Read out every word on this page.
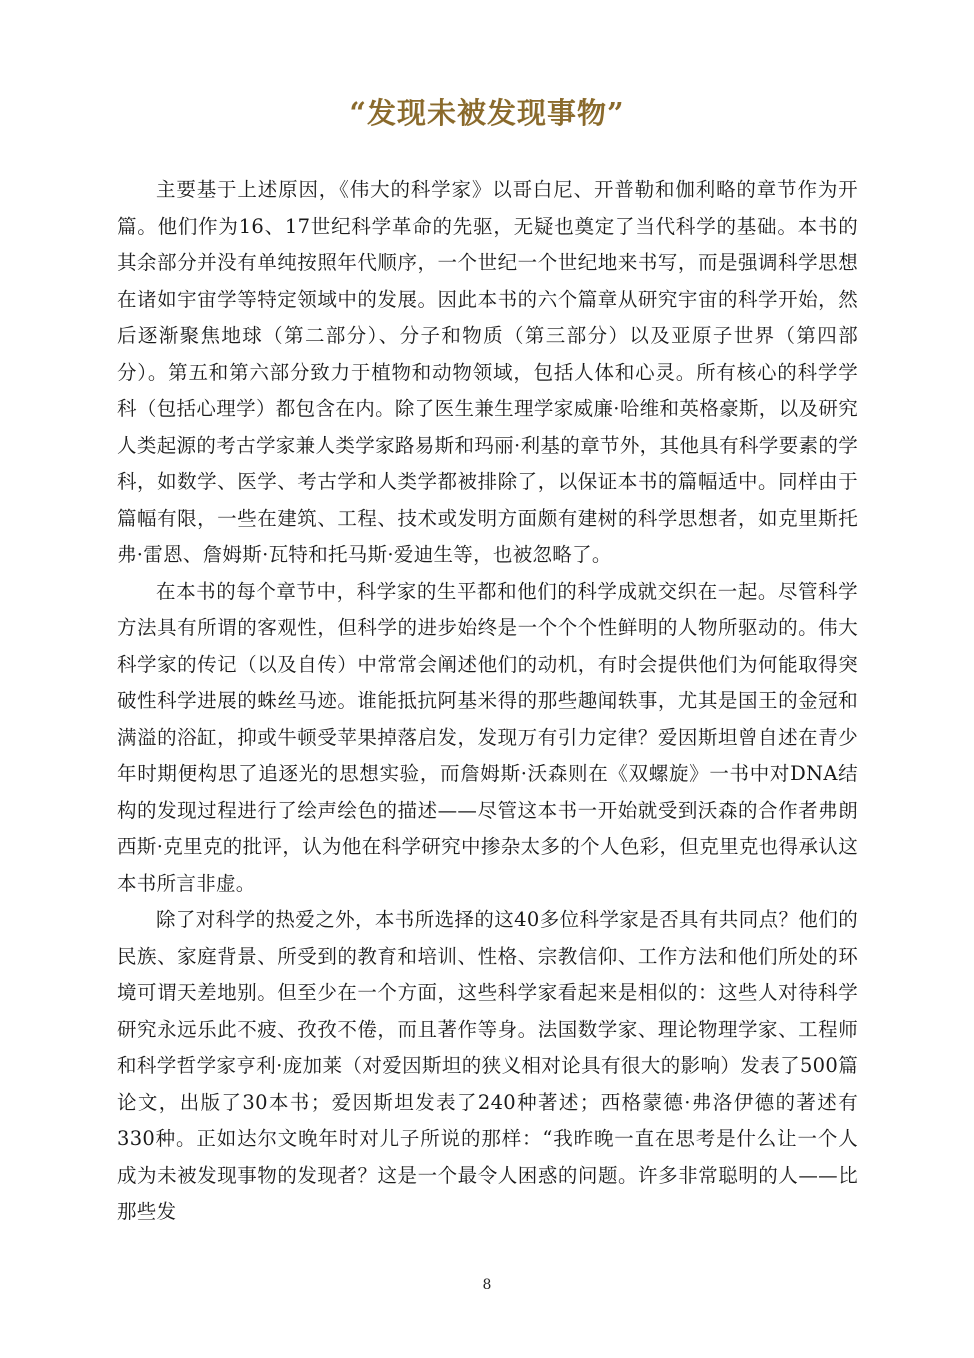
“发现未被发现事物”

主要基于上述原因，《伟大的科学家》以哥白尼、开普勒和伽利略的章节作为开篇。他们作为16、17世纪科学革命的先驱，无疑也奠定了当代科学的基础。本书的其余部分并没有单纯按照年代顺序，一个世纪一个世纪地来书写，而是强调科学思想在诸如宇宙学等特定领域中的发展。因此本书的六个篇章从研究宇宙的科学开始，然后逐渐聚焦地球（第二部分）、分子和物质（第三部分）以及亚原子世界（第四部分）。第五和第六部分致力于植物和动物领域，包括人体和心灵。所有核心的科学学科（包括心理学）都包含在内。除了医生兼生理学家威廉·哈维和英格豪斯，以及研究人类起源的考古学家兼人类学家路易斯和玛丽·利基的章节外，其他具有科学要素的学科，如数学、医学、考古学和人类学都被排除了，以保证本书的篇幅适中。同样由于篇幅有限，一些在建筑、工程、技术或发明方面颇有建树的科学思想者，如克里斯托弗·雷恩、詹姆斯·瓦特和托马斯·爱迪生等，也被忽略了。

在本书的每个章节中，科学家的生平都和他们的科学成就交织在一起。尽管科学方法具有所谓的客观性，但科学的进步始终是一个个个性鲜明的人物所驱动的。伟大科学家的传记（以及自传）中常常会阐述他们的动机，有时会提供他们为何能取得突破性科学进展的蛛丝马迹。谁能抵抗阿基米得的那些趣闻轶事，尤其是国王的金冠和满溢的浴缸，抑或牛顿受苹果掉落启发，发现万有引力定律？爱因斯坦曾自述在青少年时期便构思了追逐光的思想实验，而詹姆斯·沃森则在《双螺旋》一书中对DNA结构的发现过程进行了绘声绘色的描述——尽管这本书一开始就受到沃森的合作者弗朗西斯·克里克的批评，认为他在科学研究中掺杂太多的个人色彩，但克里克也得承认这本书所言非虚。

除了对科学的热爱之外，本书所选择的这40多位科学家是否具有共同点？他们的民族、家庭背景、所受到的教育和培训、性格、宗教信仰、工作方法和他们所处的环境可谓天差地别。但至少在一个方面，这些科学家看起来是相似的：这些人对待科学研究永远乐此不疲、孜孜不倦，而且著作等身。法国数学家、理论物理学家、工程师和科学哲学家亨利·庞加莱（对爱因斯坦的狭义相对论具有很大的影响）发表了500篇论文，出版了30本书；爱因斯坦发表了240种著述；西格蒙德·弗洛伊德的著述有330种。正如达尔文晚年时对儿子所说的那样：“我昨晚一直在思考是什么让一个人成为未被发现事物的发现者？这是一个最令人困惑的问题。许多非常聪明的人——比那些发

8
